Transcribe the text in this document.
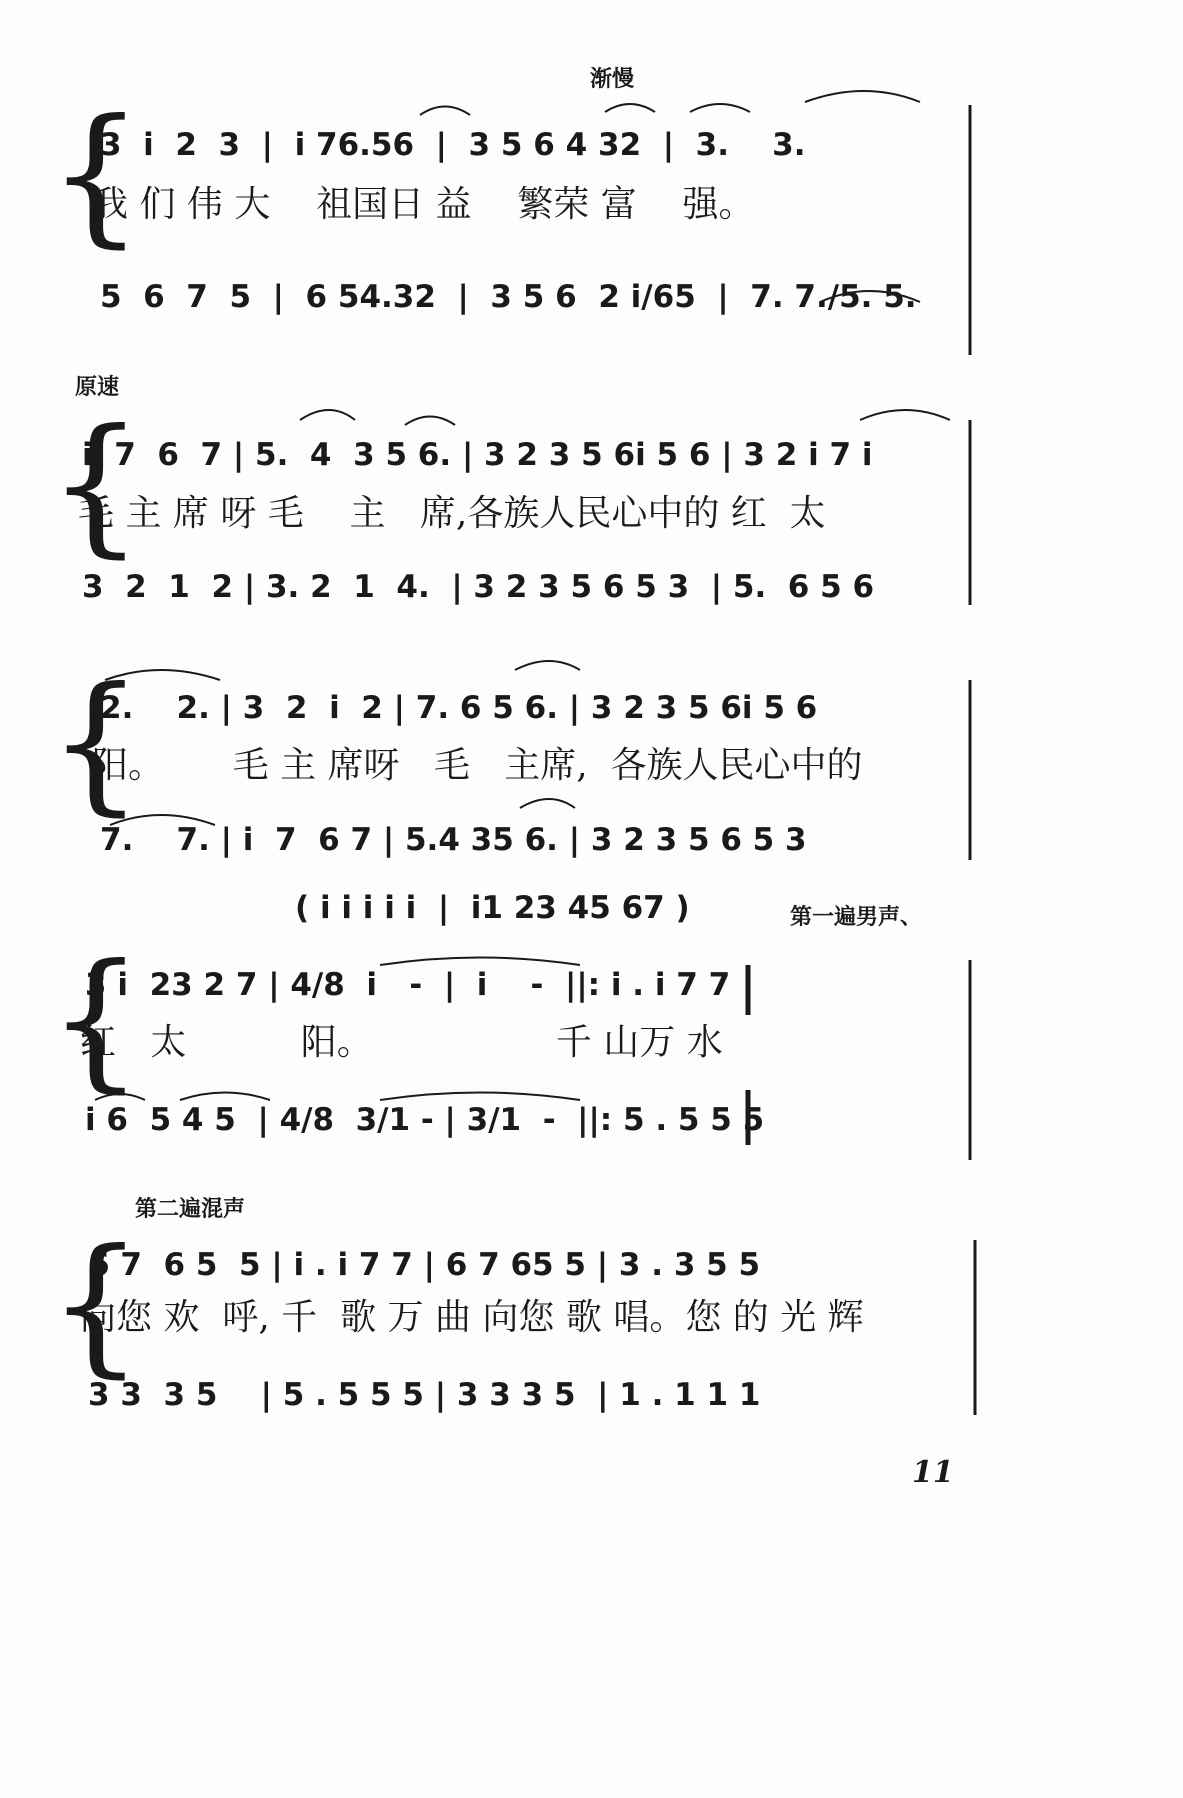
渐慢
原速
第一遍男声、
第二遍混声
{
3  i  2  3  |  i 76.56  |  3 5 6 4 32  |  3.    3.
我 们 伟 大    祖国日 益    繁荣 富    强。
5  6  7  5  |  6 54.32  |  3 5 6  2 i/65  |  7. 7./5. 5.
{
i  7  6  7 | 5.  4  3 5 6. | 3 2 3 5 6i 5 6 | 3 2 i 7 i
毛 主 席 呀 毛    主   席,各族人民心中的 红  太
3  2  1  2 | 3. 2  1  4.  | 3 2 3 5 6 5 3  | 5.  6 5 6
{
2.    2. | 3  2  i  2 | 7. 6 5 6. | 3 2 3 5 6i 5 6
阳。      毛 主 席呀   毛   主席,  各族人民心中的
7.    7. | i  7  6 7 | 5.4 35 6. | 3 2 3 5 6 5 3
( i i i i i  |  i1 23 45 67 )
{
3 i  23 2 7 | 4/8  i   -  |  i    -  ||: i . i 7 7
红   太          阳。                千 山万 水
i 6  5 4 5  | 4/8  3/1 - | 3/1  -  ||: 5 . 5 5 5
{
6 7  6 5  5 | i . i 7 7 | 6 7 65 5 | 3 . 3 5 5
向您 欢  呼, 千  歌 万 曲 向您 歌 唱。您 的 光 辉
3 3  3 5    | 5 . 5 5 5 | 3 3 3 5  | 1 . 1 1 1
11
